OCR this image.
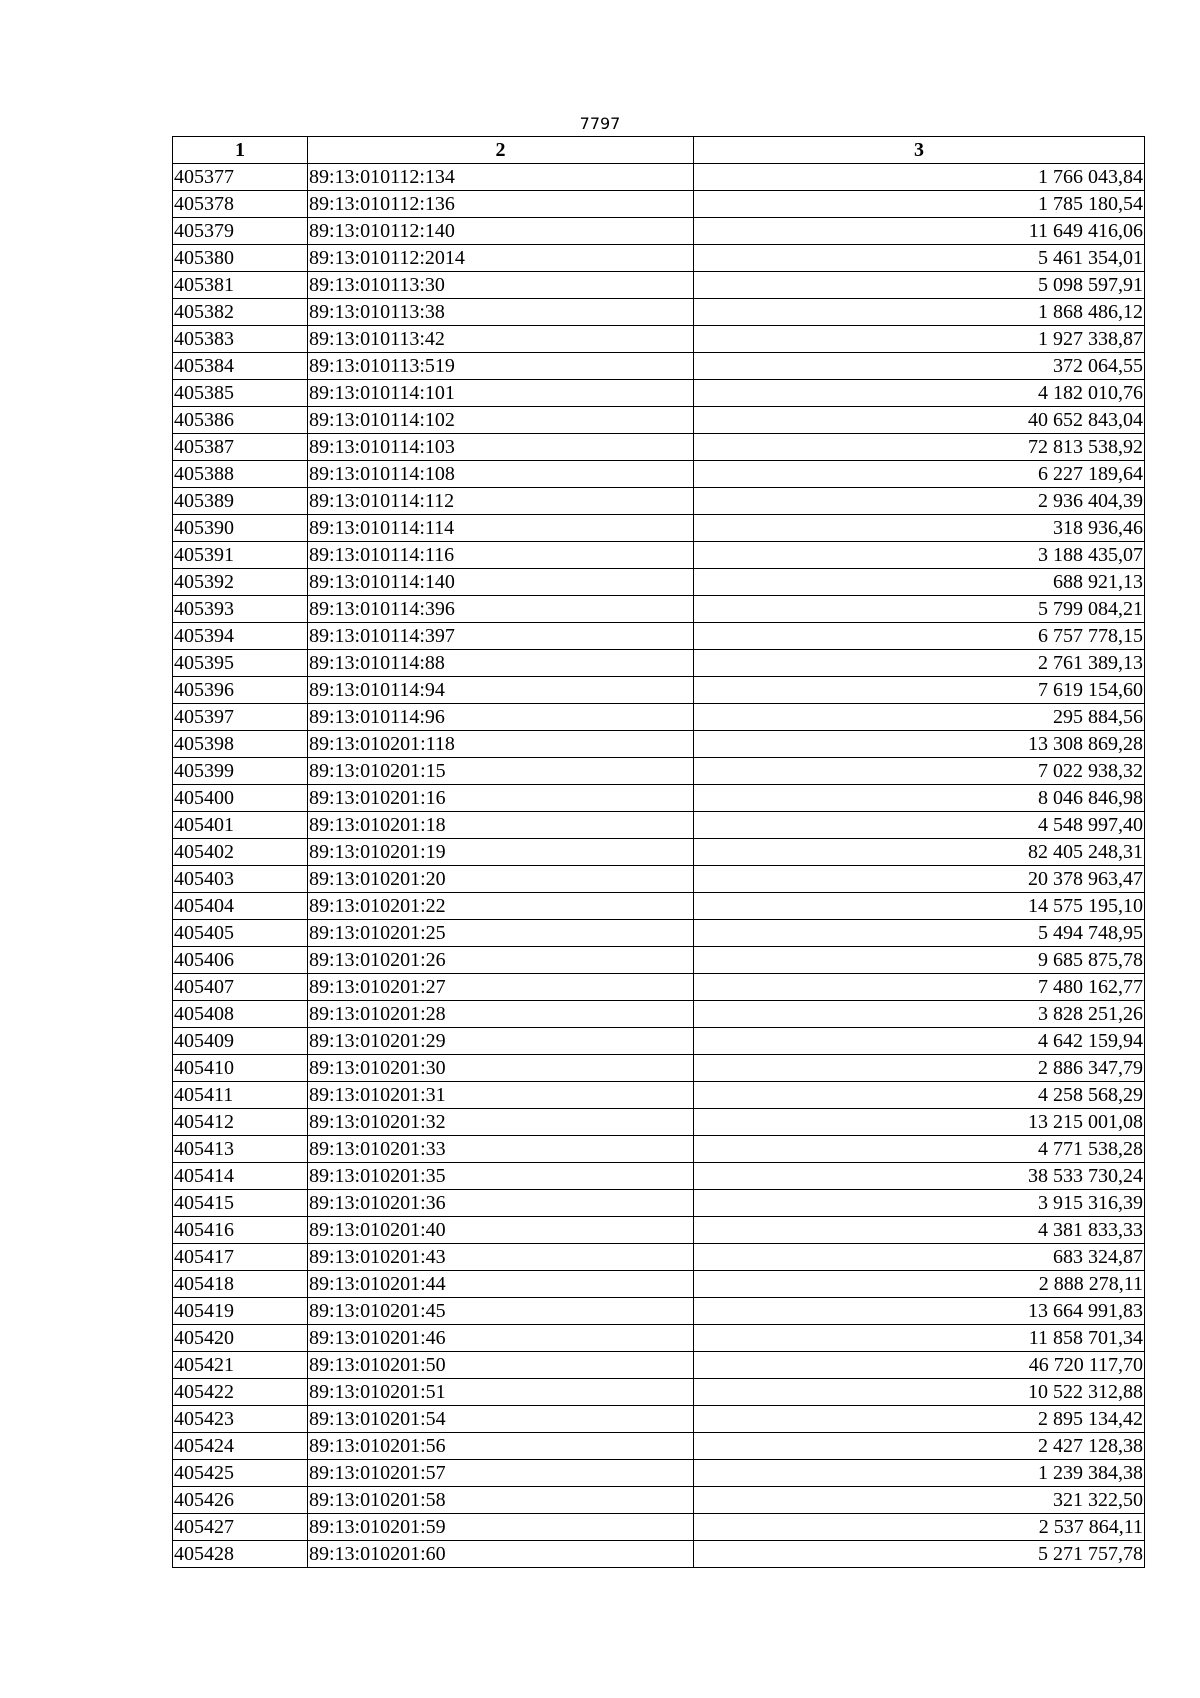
7797
1	2	3
405377	89:13:010112:134	1 766 043,84
405378	89:13:010112:136	1 785 180,54
405379	89:13:010112:140	11 649 416,06
405380	89:13:010112:2014	5 461 354,01
405381	89:13:010113:30	5 098 597,91
405382	89:13:010113:38	1 868 486,12
405383	89:13:010113:42	1 927 338,87
405384	89:13:010113:519	372 064,55
405385	89:13:010114:101	4 182 010,76
405386	89:13:010114:102	40 652 843,04
405387	89:13:010114:103	72 813 538,92
405388	89:13:010114:108	6 227 189,64
405389	89:13:010114:112	2 936 404,39
405390	89:13:010114:114	318 936,46
405391	89:13:010114:116	3 188 435,07
405392	89:13:010114:140	688 921,13
405393	89:13:010114:396	5 799 084,21
405394	89:13:010114:397	6 757 778,15
405395	89:13:010114:88	2 761 389,13
405396	89:13:010114:94	7 619 154,60
405397	89:13:010114:96	295 884,56
405398	89:13:010201:118	13 308 869,28
405399	89:13:010201:15	7 022 938,32
405400	89:13:010201:16	8 046 846,98
405401	89:13:010201:18	4 548 997,40
405402	89:13:010201:19	82 405 248,31
405403	89:13:010201:20	20 378 963,47
405404	89:13:010201:22	14 575 195,10
405405	89:13:010201:25	5 494 748,95
405406	89:13:010201:26	9 685 875,78
405407	89:13:010201:27	7 480 162,77
405408	89:13:010201:28	3 828 251,26
405409	89:13:010201:29	4 642 159,94
405410	89:13:010201:30	2 886 347,79
405411	89:13:010201:31	4 258 568,29
405412	89:13:010201:32	13 215 001,08
405413	89:13:010201:33	4 771 538,28
405414	89:13:010201:35	38 533 730,24
405415	89:13:010201:36	3 915 316,39
405416	89:13:010201:40	4 381 833,33
405417	89:13:010201:43	683 324,87
405418	89:13:010201:44	2 888 278,11
405419	89:13:010201:45	13 664 991,83
405420	89:13:010201:46	11 858 701,34
405421	89:13:010201:50	46 720 117,70
405422	89:13:010201:51	10 522 312,88
405423	89:13:010201:54	2 895 134,42
405424	89:13:010201:56	2 427 128,38
405425	89:13:010201:57	1 239 384,38
405426	89:13:010201:58	321 322,50
405427	89:13:010201:59	2 537 864,11
405428	89:13:010201:60	5 271 757,78
